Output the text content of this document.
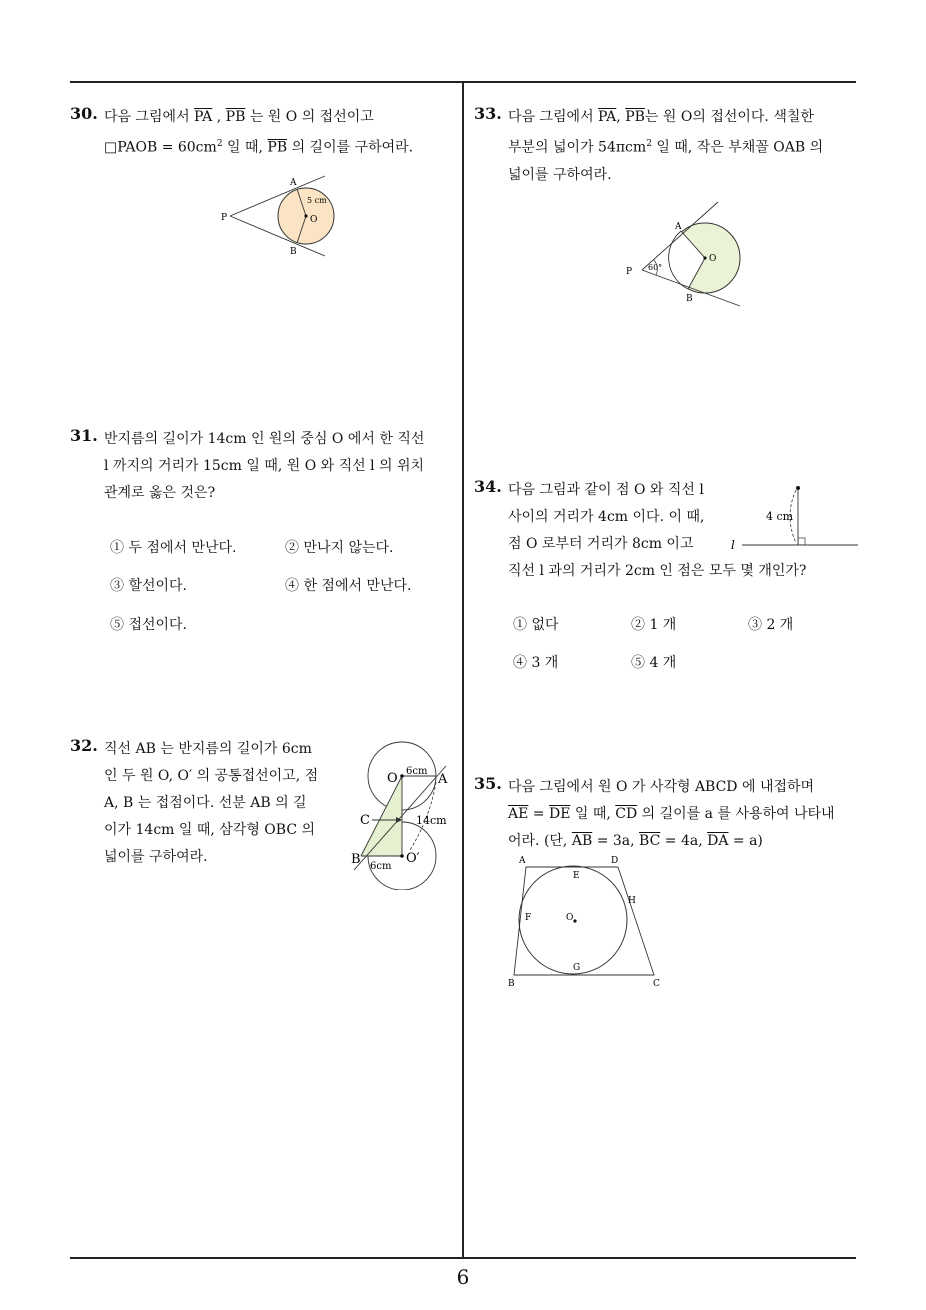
30. 다음 그림에서 $\overline{PA}$ , $\overline{PB}$ 는 원 O 의 접선이고
□PAOB = $60cm^2$ 일 때, $\overline{PB}$ 의 길이를 구하여라.
A
B
P	O
5 cm
31. 반지름의 길이가 14cm 인 원의 중심 O 에서 한 직선
l 까지의 거리가 15cm 일 때, 원 O 와 직선 l 의 위치
관계로 옳은 것은?
① 두 점에서 만난다.	② 만나지 않는다.
③ 할선이다.	④ 한 점에서 만난다.
⑤ 접선이다.
32. 직선 AB 는 반지름의 길이가 6cm
인 두 원 O, O′ 의 공통접선이고, 점
A, B 는 접점이다. 선분 AB 의 길
이가 14cm 일 때, 삼각형 OBC 의
넓이를 구하여라.
O
O′
A
B
C
6cm
14cm
6cm
33. 다음 그림에서 $\overline{PA}$, $\overline{PB}$는 원 O의 접선이다. 색칠한
부분의 넓이가 54πcm$^2$ 일 때, 작은 부채꼴 OAB 의
넓이를 구하여라.
A
B
P
O
60°
34. 다음 그림과 같이 점 O 와 직선 l
사이의 거리가 4cm 이다. 이 때,
점 O 로부터 거리가 8cm 이고
직선 l 과의 거리가 2cm 인 점은 모두 몇 개인가?
4 cm
l
① 없다	② 1 개	③ 2 개
④ 3 개	⑤ 4 개
35. 다음 그림에서 원 O 가 사각형 ABCD 에 내접하며
$\overline{AE} = \overline{DE}$ 일 때, $\overline{CD}$ 의 길이를 a 를 사용하여 나타내
어라. (단, $\overline{AB} = 3a$, $\overline{BC} = 4a$, $\overline{DA} = a$)
A	D
B	C
E
F
G
H
O
6
